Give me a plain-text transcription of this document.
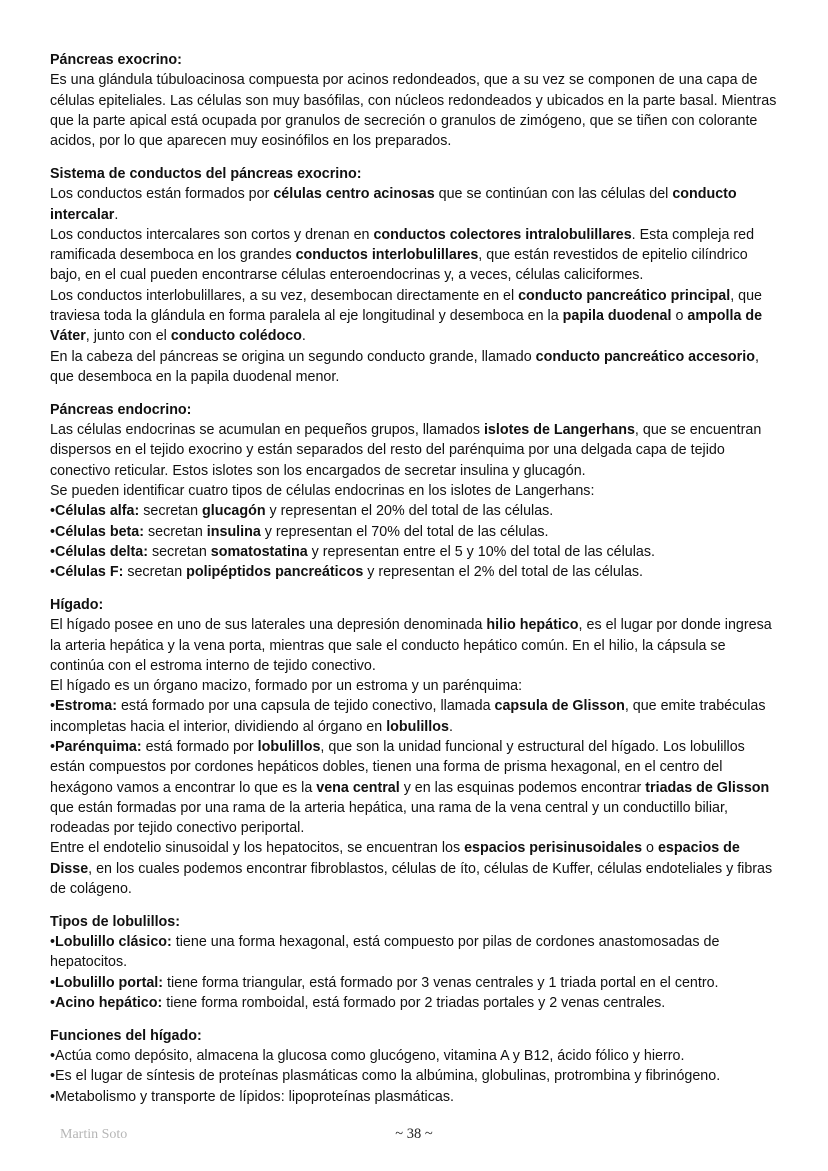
Páncreas exocrino:
Es una glándula túbuloacinosa compuesta por acinos redondeados, que a su vez se componen de una capa de células epiteliales. Las células son muy basófilas, con núcleos redondeados y ubicados en la parte basal. Mientras que la parte apical está ocupada por granulos de secreción o granulos de zimógeno, que se tiñen con colorante acidos, por lo que aparecen muy eosinófilos en los preparados.
Sistema de conductos del páncreas exocrino:
Los conductos están formados por células centro acinosas que se continúan con las células del conducto intercalar.
Los conductos intercalares son cortos y drenan en conductos colectores intralobulillares. Esta compleja red ramificada desemboca en los grandes conductos interlobulillares, que están revestidos de epitelio cilíndrico bajo, en el cual pueden encontrarse células enteroendocrinas y, a veces, células caliciformes.
Los conductos interlobulillares, a su vez, desembocan directamente en el conducto pancreático principal, que traviesa toda la glándula en forma paralela al eje longitudinal y desemboca en la papila duodenal o ampolla de Váter, junto con el conducto colédoco.
En la cabeza del páncreas se origina un segundo conducto grande, llamado conducto pancreático accesorio, que desemboca en la papila duodenal menor.
Páncreas endocrino:
Las células endocrinas se acumulan en pequeños grupos, llamados islotes de Langerhans, que se encuentran dispersos en el tejido exocrino y están separados del resto del parénquima por una delgada capa de tejido conectivo reticular. Estos islotes son los encargados de secretar insulina y glucagón.
Se pueden identificar cuatro tipos de células endocrinas en los islotes de Langerhans:
• Células alfa: secretan glucagón y representan el 20% del total de las células.
• Células beta: secretan insulina y representan el 70% del total de las células.
• Células delta: secretan somatostatina y representan entre el 5 y 10% del total de las células.
• Células F: secretan polipéptidos pancreáticos y representan el 2% del total de las células.
Hígado:
El hígado posee en uno de sus laterales una depresión denominada hilio hepático, es el lugar por donde ingresa la arteria hepática y la vena porta, mientras que sale el conducto hepático común. En el hilio, la cápsula se continúa con el estroma interno de tejido conectivo.
El hígado es un órgano macizo, formado por un estroma y un parénquima:
• Estroma: está formado por una capsula de tejido conectivo, llamada capsula de Glisson, que emite trabéculas incompletas hacia el interior, dividiendo al órgano en lobulillos.
• Parénquima: está formado por lobulillos, que son la unidad funcional y estructural del hígado. Los lobulillos están compuestos por cordones hepáticos dobles, tienen una forma de prisma hexagonal, en el centro del hexágono vamos a encontrar lo que es la vena central y en las esquinas podemos encontrar triadas de Glisson que están formadas por una rama de la arteria hepática, una rama de la vena central y un conductillo biliar, rodeadas por tejido conectivo periportal.
Entre el endotelio sinusoidal y los hepatocitos, se encuentran los espacios perisinusoidales o espacios de Disse, en los cuales podemos encontrar fibroblastos, células de íto, células de Kuffer, células endoteliales y fibras de colágeno.
Tipos de lobulillos:
• Lobulillo clásico: tiene una forma hexagonal, está compuesto por pilas de cordones anastomosadas de hepatocitos.
• Lobulillo portal: tiene forma triangular, está formado por 3 venas centrales y 1 triada portal en el centro.
• Acino hepático: tiene forma romboidal, está formado por 2 triadas portales y 2 venas centrales.
Funciones del hígado:
• Actúa como depósito, almacena la glucosa como glucógeno, vitamina A y B12, ácido fólico y hierro.
• Es el lugar de síntesis de proteínas plasmáticas como la albúmina, globulinas, protrombina y fibrinógeno.
• Metabolismo y transporte de lípidos: lipoproteínas plasmáticas.
Martin Soto	~ 38 ~
